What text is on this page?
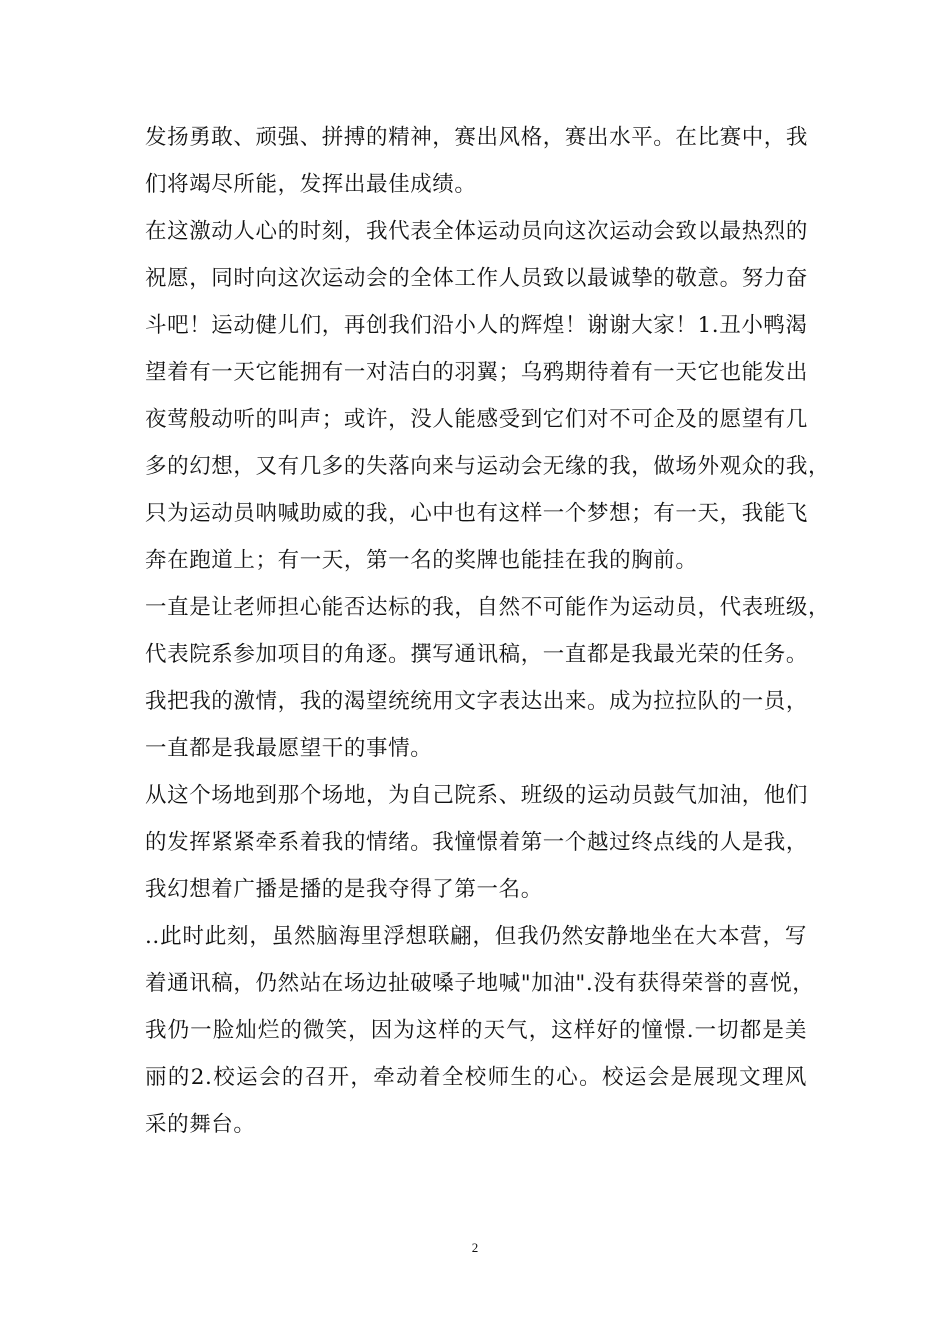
发扬勇敢、顽强、拼搏的精神，赛出风格，赛出水平。在比赛中，我

们将竭尽所能，发挥出最佳成绩。

在这激动人心的时刻，我代表全体运动员向这次运动会致以最热烈的

祝愿，同时向这次运动会的全体工作人员致以最诚挚的敬意。努力奋

斗吧！运动健儿们，再创我们沿小人的辉煌！谢谢大家！1.丑小鸭渴

望着有一天它能拥有一对洁白的羽翼；乌鸦期待着有一天它也能发出

夜莺般动听的叫声；或许，没人能感受到它们对不可企及的愿望有几

多的幻想，又有几多的失落向来与运动会无缘的我，做场外观众的我，

只为运动员呐喊助威的我，心中也有这样一个梦想；有一天，我能飞

奔在跑道上；有一天，第一名的奖牌也能挂在我的胸前。

一直是让老师担心能否达标的我，自然不可能作为运动员，代表班级，

代表院系参加项目的角逐。撰写通讯稿，一直都是我最光荣的任务。

我把我的激情，我的渴望统统用文字表达出来。成为拉拉队的一员，

一直都是我最愿望干的事情。

从这个场地到那个场地，为自己院系、班级的运动员鼓气加油，他们

的发挥紧紧牵系着我的情绪。我憧憬着第一个越过终点线的人是我，

我幻想着广播是播的是我夺得了第一名。

..此时此刻，虽然脑海里浮想联翩，但我仍然安静地坐在大本营，写

着通讯稿，仍然站在场边扯破嗓子地喊"加油".没有获得荣誉的喜悦，

我仍一脸灿烂的微笑，因为这样的天气，这样好的憧憬.一切都是美

丽的2.校运会的召开，牵动着全校师生的心。校运会是展现文理风

采的舞台。

2
